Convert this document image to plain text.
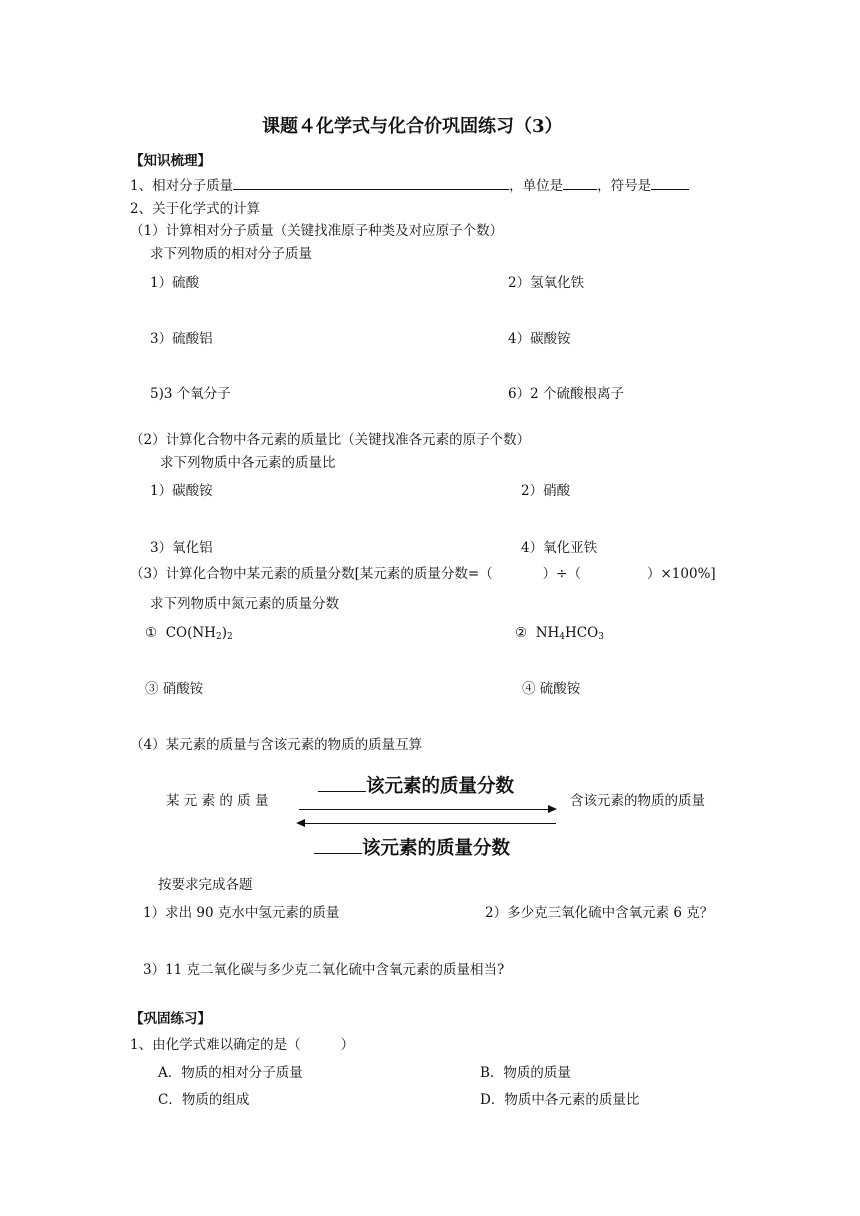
课题４化学式与化合价巩固练习（3）
【知识梳理】
1、相对分子质量	，单位是	，符号是
2、关于化学式的计算
（1）计算相对分子质量（关键找准原子种类及对应原子个数）
求下列物质的相对分子质量
1）硫酸	2）氢氧化铁
3）硫酸铝	4）碳酸铵
5)3 个氧分子	6）2 个硫酸根离子
（2）计算化合物中各元素的质量比（关键找准各元素的原子个数）
求下列物质中各元素的质量比
1）碳酸铵	2）硝酸
3）氧化铝	4）氧化亚铁
（3）计算化合物中某元素的质量分数[某元素的质量分数=（	）÷（	）×100%]
求下列物质中氮元素的质量分数
① $CO(NH_2)_2$	② $NH_4HCO_3$
③ 硝酸铵	④ 硫酸铵
（4）某元素的质量与含该元素的物质的质量互算
某 元 素 的 质 量	含该元素的物质的质量
该元素的质量分数
该元素的质量分数
按要求完成各题
1）求出 90 克水中氢元素的质量	2）多少克三氧化硫中含氧元素 6 克？
3）11 克二氧化碳与多少克二氧化硫中含氧元素的质量相当?
【巩固练习】
1、由化学式难以确定的是（	）
A．物质的相对分子质量	B．物质的质量
C．物质的组成	D．物质中各元素的质量比
